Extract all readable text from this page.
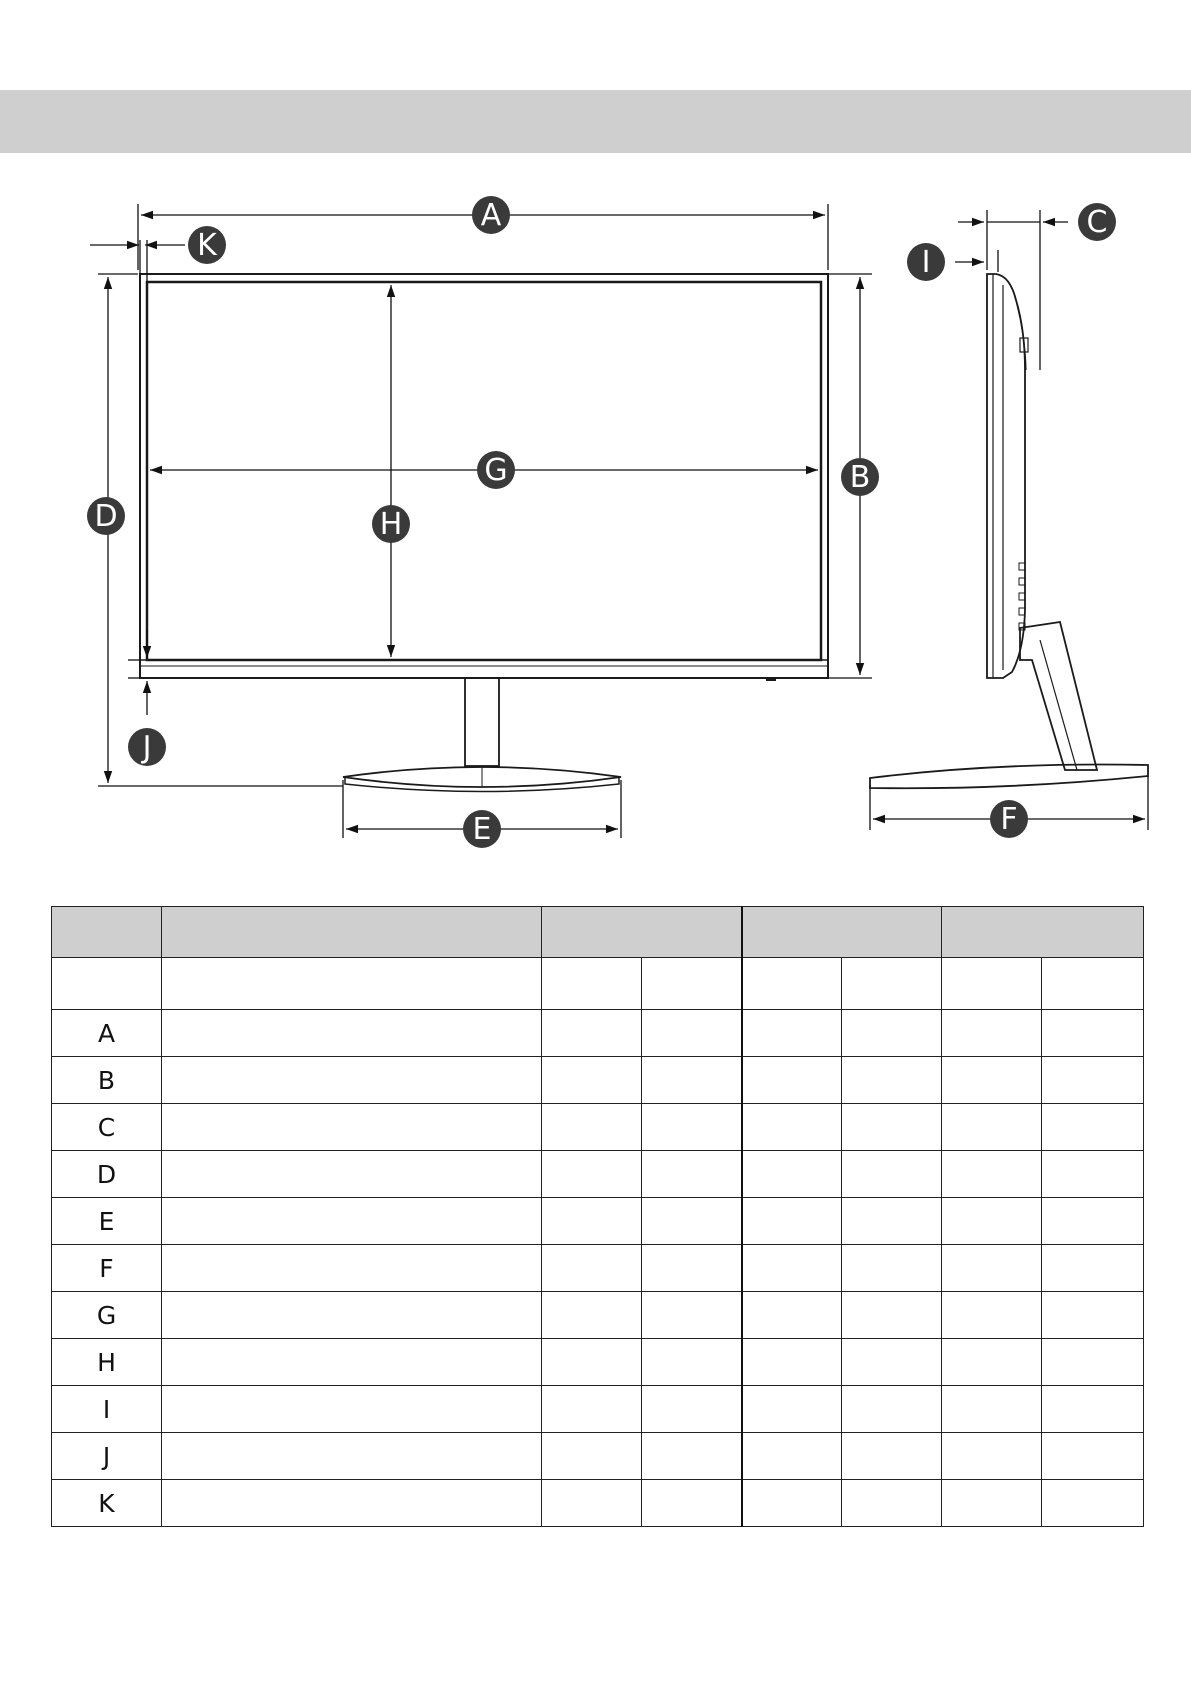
A
K
C
I
G	B
D	H
J
E	F

A							
B							
C							
D							
E							
F							
G							
H							
I							
J							
K							
